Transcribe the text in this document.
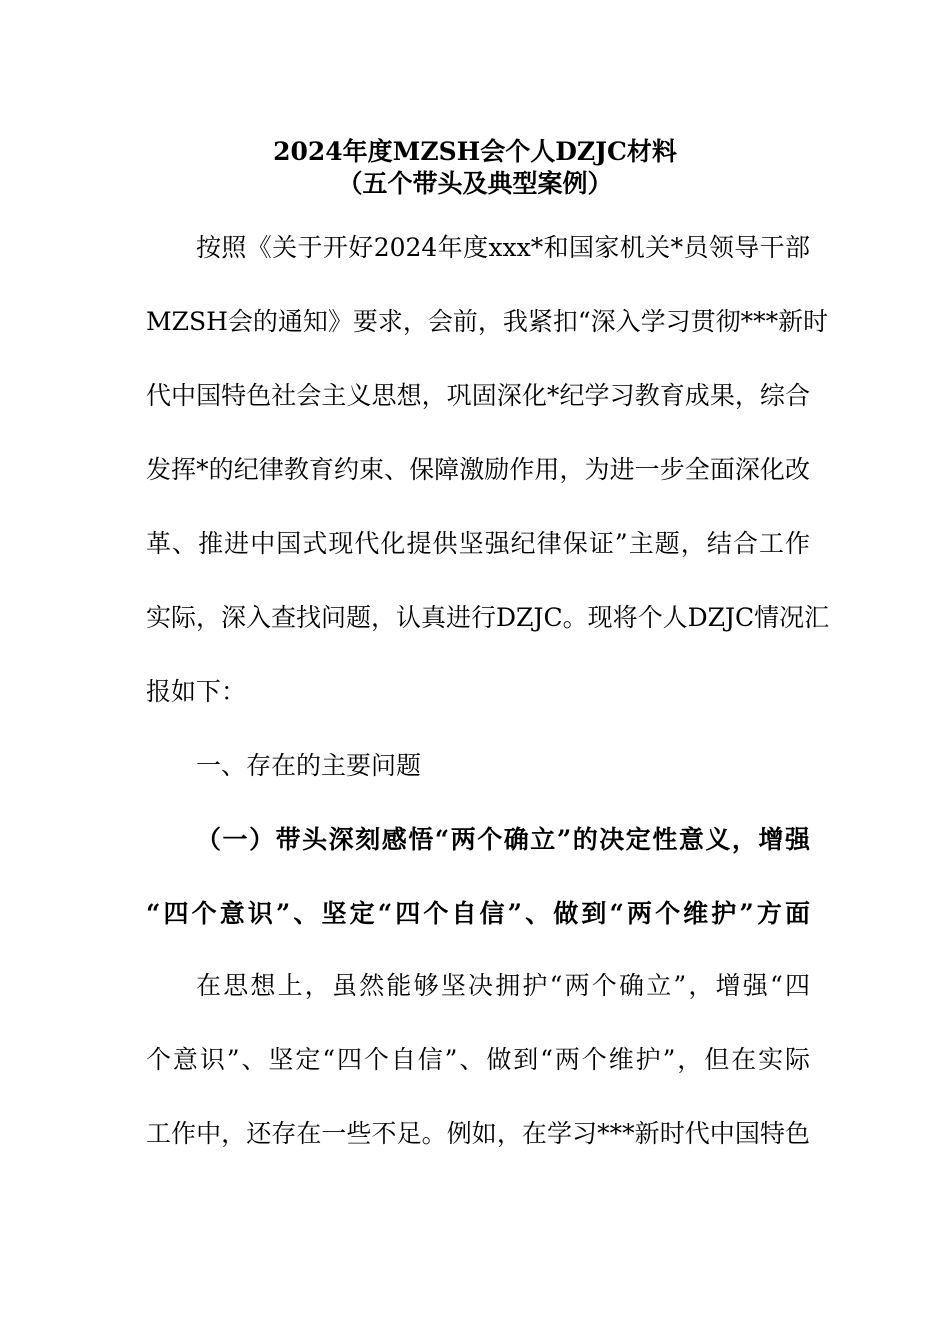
2024年度MZSH会个人DZJC材料
（五个带头及典型案例）
按照《关于开好2024年度xxx*和国家机关*员领导干部
MZSH会的通知》要求，会前，我紧扣“深入学习贯彻***新时
代中国特色社会主义思想，巩固深化*纪学习教育成果，综合
发挥*的纪律教育约束、保障激励作用，为进一步全面深化改
革、推进中国式现代化提供坚强纪律保证”主题，结合工作
实际，深入查找问题，认真进行DZJC。现将个人DZJC情况汇
报如下：
一、存在的主要问题
（一）带头深刻感悟“两个确立”的决定性意义，增强
“四个意识”、坚定“四个自信”、做到“两个维护”方面
在思想上，虽然能够坚决拥护“两个确立”，增强“四
个意识”、坚定“四个自信”、做到“两个维护”，但在实际
工作中，还存在一些不足。例如，在学习***新时代中国特色
